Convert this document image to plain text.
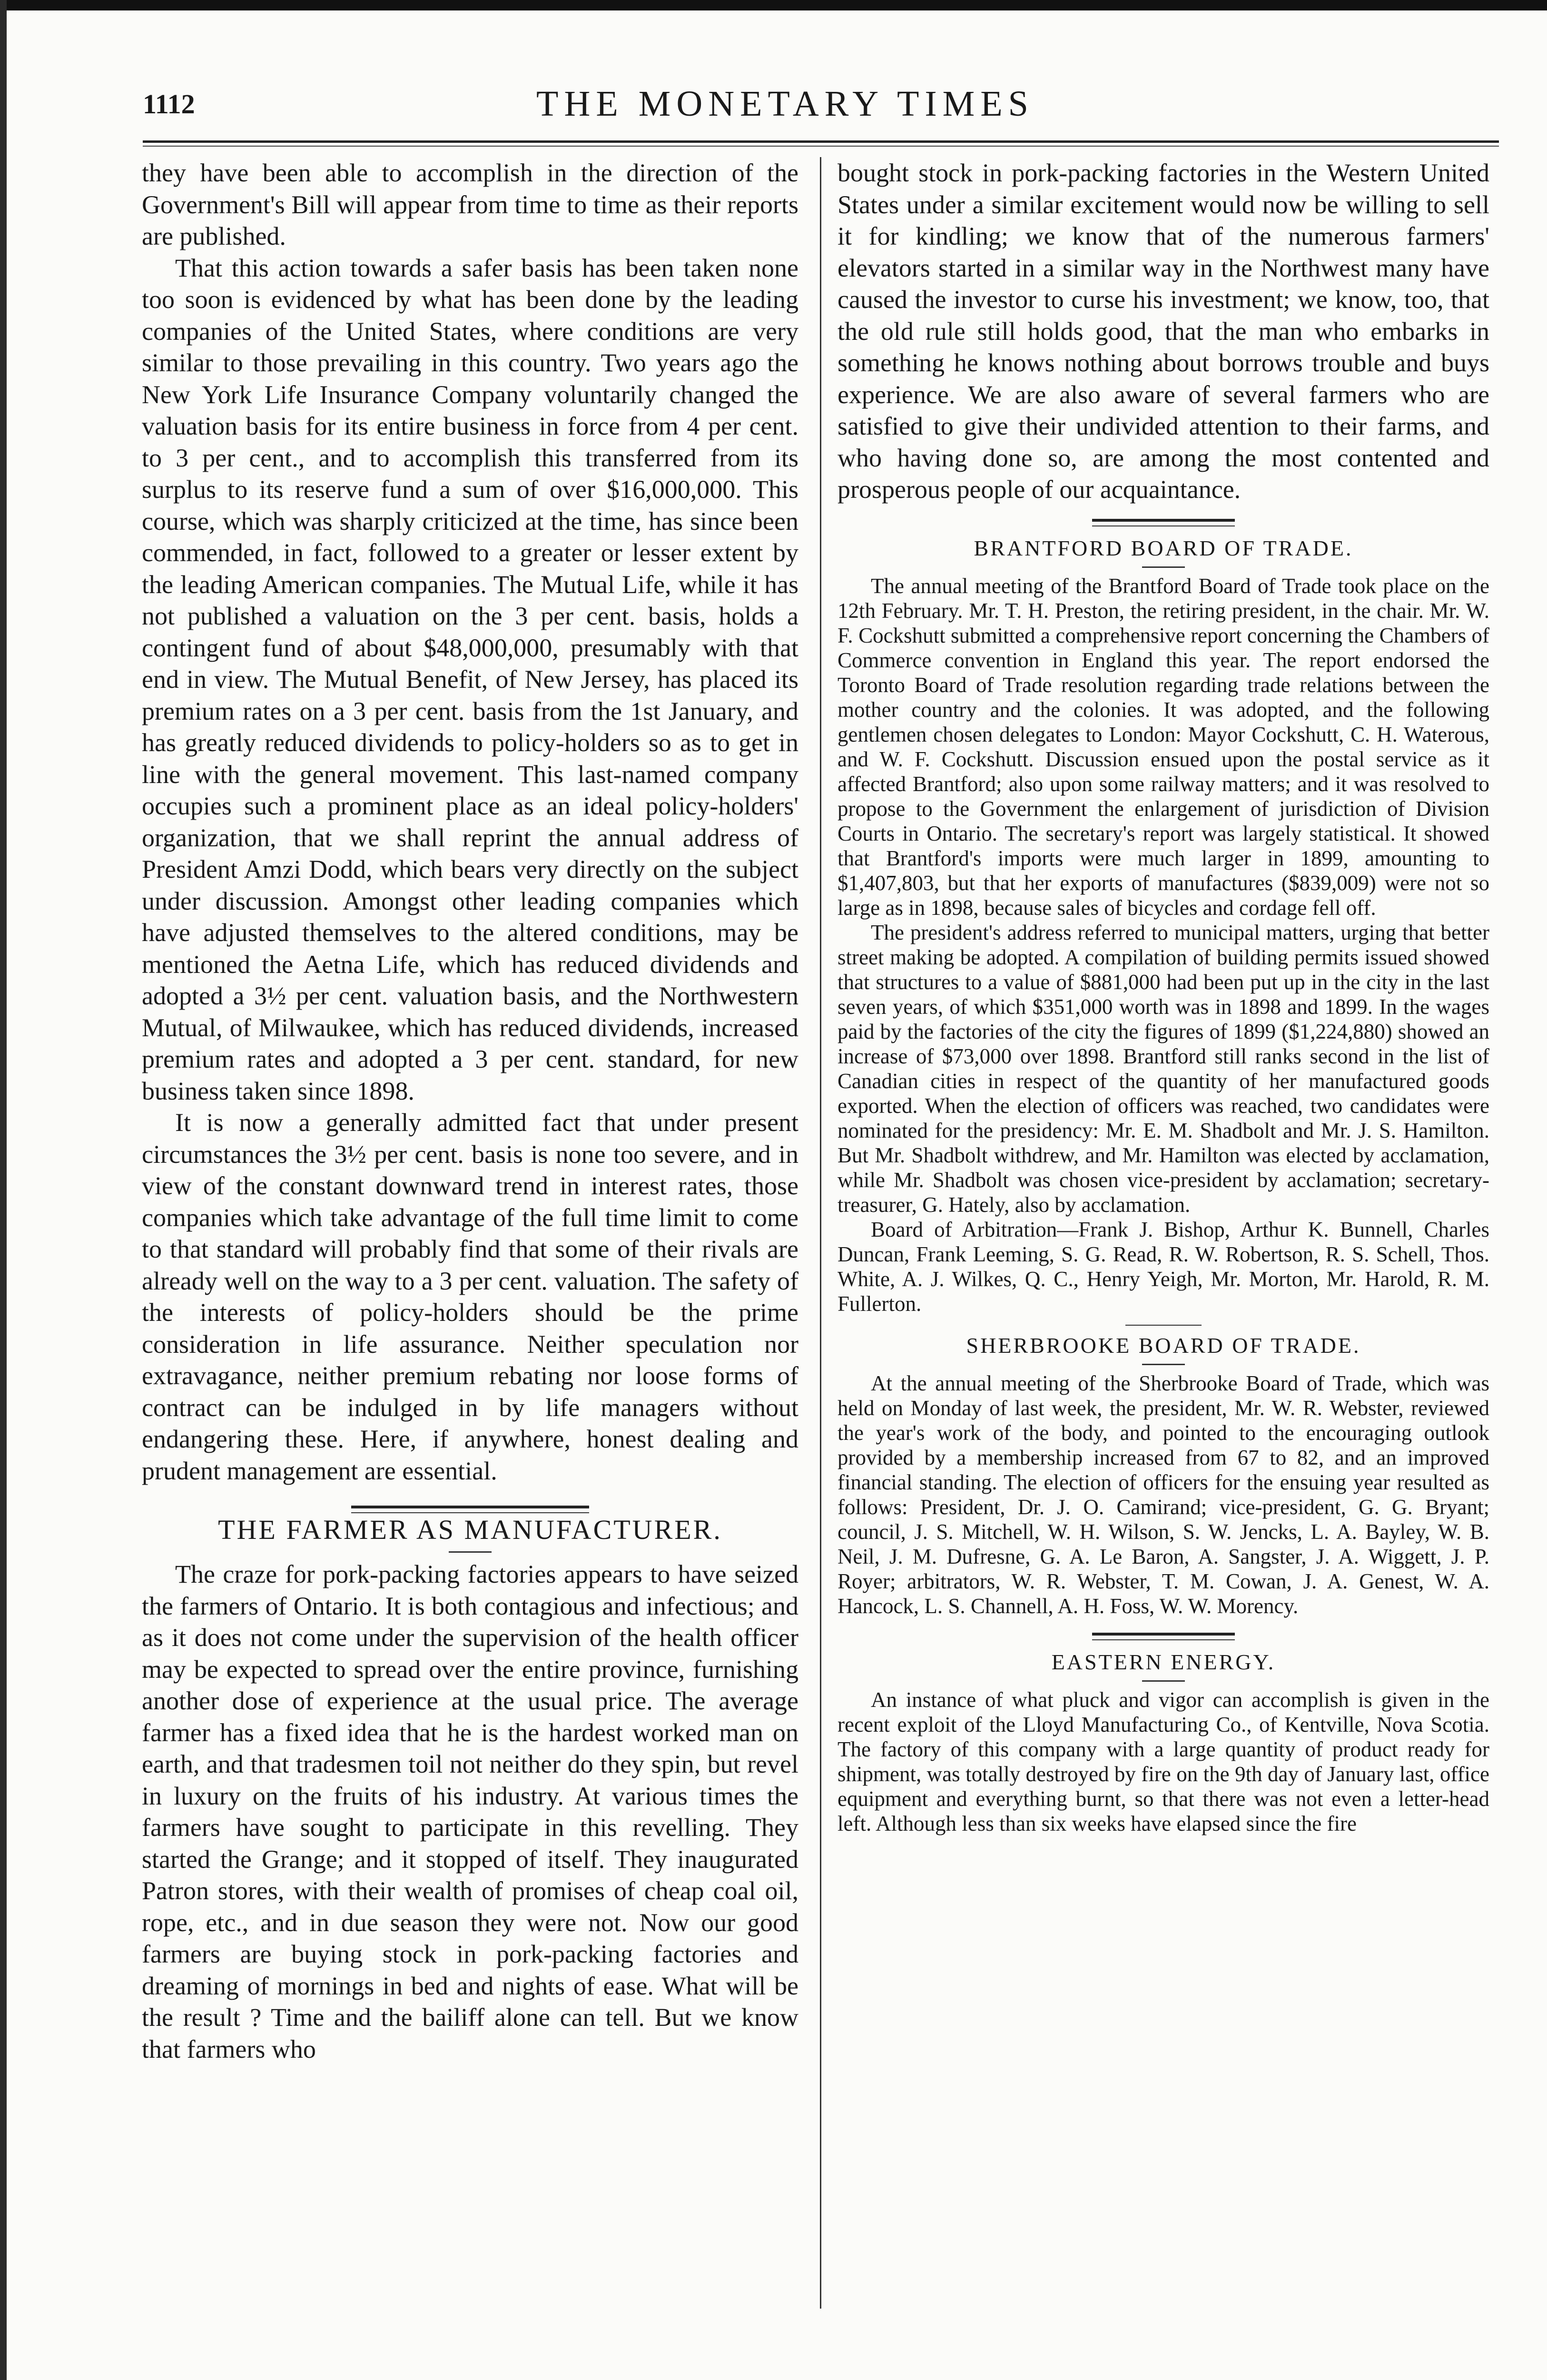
1112	THE MONETARY TIMES

they have been able to accomplish in the direction of the Government's Bill will appear from time to time as their reports are published.

That this action towards a safer basis has been taken none too soon is evidenced by what has been done by the leading companies of the United States, where conditions are very similar to those prevailing in this country. Two years ago the New York Life Insurance Company voluntarily changed the valuation basis for its entire business in force from 4 per cent. to 3 per cent., and to accomplish this transferred from its surplus to its reserve fund a sum of over $16,000,000. This course, which was sharply criticized at the time, has since been commended, in fact, followed to a greater or lesser extent by the leading American companies. The Mutual Life, while it has not published a valuation on the 3 per cent. basis, holds a contingent fund of about $48,000,000, presumably with that end in view. The Mutual Benefit, of New Jersey, has placed its premium rates on a 3 per cent. basis from the 1st January, and has greatly reduced dividends to policy-holders so as to get in line with the general movement. This last-named company occupies such a prominent place as an ideal policy-holders' organization, that we shall reprint the annual address of President Amzi Dodd, which bears very directly on the subject under discussion. Amongst other leading companies which have adjusted themselves to the altered conditions, may be mentioned the Aetna Life, which has reduced dividends and adopted a 3½ per cent. valuation basis, and the Northwestern Mutual, of Milwaukee, which has reduced dividends, increased premium rates and adopted a 3 per cent. standard, for new business taken since 1898.

It is now a generally admitted fact that under present circumstances the 3½ per cent. basis is none too severe, and in view of the constant downward trend in interest rates, those companies which take advantage of the full time limit to come to that standard will probably find that some of their rivals are already well on the way to a 3 per cent. valuation. The safety of the interests of policy-holders should be the prime consideration in life assurance. Neither speculation nor extravagance, neither premium rebating nor loose forms of contract can be indulged in by life managers without endangering these. Here, if anywhere, honest dealing and prudent management are essential.

THE FARMER AS MANUFACTURER.

The craze for pork-packing factories appears to have seized the farmers of Ontario. It is both contagious and infectious; and as it does not come under the supervision of the health officer may be expected to spread over the entire province, furnishing another dose of experience at the usual price. The average farmer has a fixed idea that he is the hardest worked man on earth, and that tradesmen toil not neither do they spin, but revel in luxury on the fruits of his industry. At various times the farmers have sought to participate in this revelling. They started the Grange; and it stopped of itself. They inaugurated Patron stores, with their wealth of promises of cheap coal oil, rope, etc., and in due season they were not. Now our good farmers are buying stock in pork-packing factories and dreaming of mornings in bed and nights of ease. What will be the result ? Time and the bailiff alone can tell. But we know that farmers who

bought stock in pork-packing factories in the Western United States under a similar excitement would now be willing to sell it for kindling; we know that of the numerous farmers' elevators started in a similar way in the Northwest many have caused the investor to curse his investment; we know, too, that the old rule still holds good, that the man who embarks in something he knows nothing about borrows trouble and buys experience. We are also aware of several farmers who are satisfied to give their undivided attention to their farms, and who having done so, are among the most contented and prosperous people of our acquaintance.

BRANTFORD BOARD OF TRADE.

The annual meeting of the Brantford Board of Trade took place on the 12th February. Mr. T. H. Preston, the retiring president, in the chair. Mr. W. F. Cockshutt submitted a comprehensive report concerning the Chambers of Commerce convention in England this year. The report endorsed the Toronto Board of Trade resolution regarding trade relations between the mother country and the colonies. It was adopted, and the following gentlemen chosen delegates to London: Mayor Cockshutt, C. H. Waterous, and W. F. Cockshutt. Discussion ensued upon the postal service as it affected Brantford; also upon some railway matters; and it was resolved to propose to the Government the enlargement of jurisdiction of Division Courts in Ontario. The secretary's report was largely statistical. It showed that Brantford's imports were much larger in 1899, amounting to $1,407,803, but that her exports of manufactures ($839,009) were not so large as in 1898, because sales of bicycles and cordage fell off.

The president's address referred to municipal matters, urging that better street making be adopted. A compilation of building permits issued showed that structures to a value of $881,000 had been put up in the city in the last seven years, of which $351,000 worth was in 1898 and 1899. In the wages paid by the factories of the city the figures of 1899 ($1,224,880) showed an increase of $73,000 over 1898. Brantford still ranks second in the list of Canadian cities in respect of the quantity of her manufactured goods exported. When the election of officers was reached, two candidates were nominated for the presidency: Mr. E. M. Shadbolt and Mr. J. S. Hamilton. But Mr. Shadbolt withdrew, and Mr. Hamilton was elected by acclamation, while Mr. Shadbolt was chosen vice-president by acclamation; secretary-treasurer, G. Hately, also by acclamation.

Board of Arbitration—Frank J. Bishop, Arthur K. Bunnell, Charles Duncan, Frank Leeming, S. G. Read, R. W. Robertson, R. S. Schell, Thos. White, A. J. Wilkes, Q. C., Henry Yeigh, Mr. Morton, Mr. Harold, R. M. Fullerton.

SHERBROOKE BOARD OF TRADE.

At the annual meeting of the Sherbrooke Board of Trade, which was held on Monday of last week, the president, Mr. W. R. Webster, reviewed the year's work of the body, and pointed to the encouraging outlook provided by a membership increased from 67 to 82, and an improved financial standing. The election of officers for the ensuing year resulted as follows: President, Dr. J. O. Camirand; vice-president, G. G. Bryant; council, J. S. Mitchell, W. H. Wilson, S. W. Jencks, L. A. Bayley, W. B. Neil, J. M. Dufresne, G. A. Le Baron, A. Sangster, J. A. Wiggett, J. P. Royer; arbitrators, W. R. Webster, T. M. Cowan, J. A. Genest, W. A. Hancock, L. S. Channell, A. H. Foss, W. W. Morency.

EASTERN ENERGY.

An instance of what pluck and vigor can accomplish is given in the recent exploit of the Lloyd Manufacturing Co., of Kentville, Nova Scotia. The factory of this company with a large quantity of product ready for shipment, was totally destroyed by fire on the 9th day of January last, office equipment and everything burnt, so that there was not even a letter-head left. Although less than six weeks have elapsed since the fire
